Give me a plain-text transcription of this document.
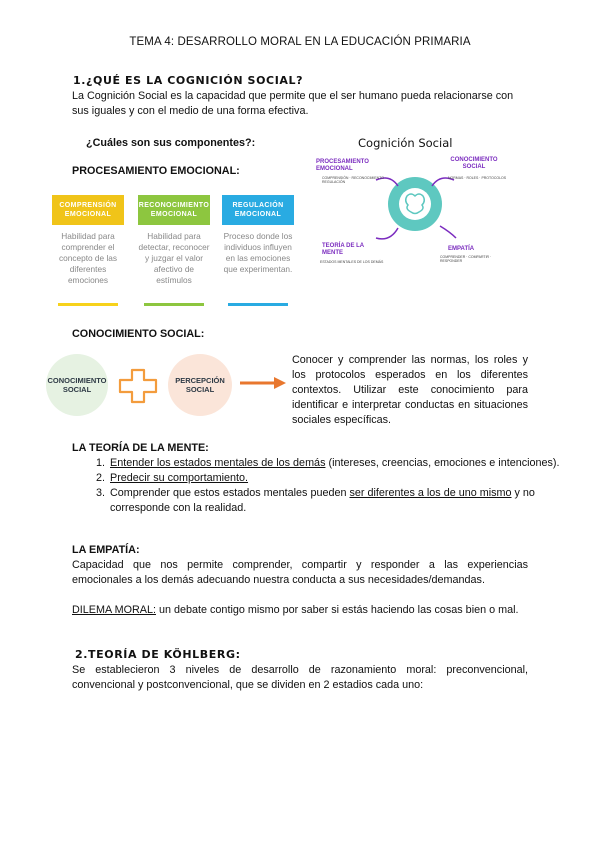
TEMA 4: DESARROLLO MORAL EN LA EDUCACIÓN PRIMARIA
1.¿QUÉ ES LA COGNICIÓN SOCIAL?
La Cognición Social es la capacidad que permite que el ser humano pueda relacionarse con sus iguales y con el medio de una forma efectiva.
¿Cuáles son sus componentes?:
PROCESAMIENTO EMOCIONAL:
COMPRENSIÓN EMOCIONAL
Habilidad para comprender el concepto de las diferentes emociones
RECONOCIMIENTO EMOCIONAL
Habilidad para detectar, reconocer y juzgar el valor afectivo de estímulos
REGULACIÓN EMOCIONAL
Proceso donde los individuos influyen en las emociones que experimentan.
Cognición Social
PROCESAMIENTO EMOCIONAL
COMPRENSIÓN · RECONOCIMIENTO · REGULACIÓN
CONOCIMIENTO SOCIAL
NORMAS · ROLES · PROTOCOLOS
TEORÍA DE LA MENTE
ESTADOS MENTALES DE LOS DEMÁS
EMPATÍA
COMPRENDER · COMPARTIR · RESPONDER
CONOCIMIENTO SOCIAL:
CONOCIMIENTO SOCIAL
PERCEPCIÓN SOCIAL
Conocer y comprender las normas, los roles y los protocolos esperados en los diferentes contextos. Utilizar este conocimiento para identificar e interpretar conductas en situaciones sociales específicas.
LA TEORÍA DE LA MENTE:
1. Entender los estados mentales de los demás (intereses, creencias, emociones e intenciones).
2. Predecir su comportamiento.
3. Comprender que estos estados mentales pueden ser diferentes a los de uno mismo y no corresponde con la realidad.
LA EMPATÍA:
Capacidad que nos permite comprender, compartir y responder a las experiencias emocionales a los demás adecuando nuestra conducta a sus necesidades/demandas.
DILEMA MORAL: un debate contigo mismo por saber si estás haciendo las cosas bien o mal.
2.TEORÍA DE KÖHLBERG:
Se establecieron 3 niveles de desarrollo de razonamiento moral: preconvencional, convencional y postconvencional, que se dividen en 2 estadios cada uno:
